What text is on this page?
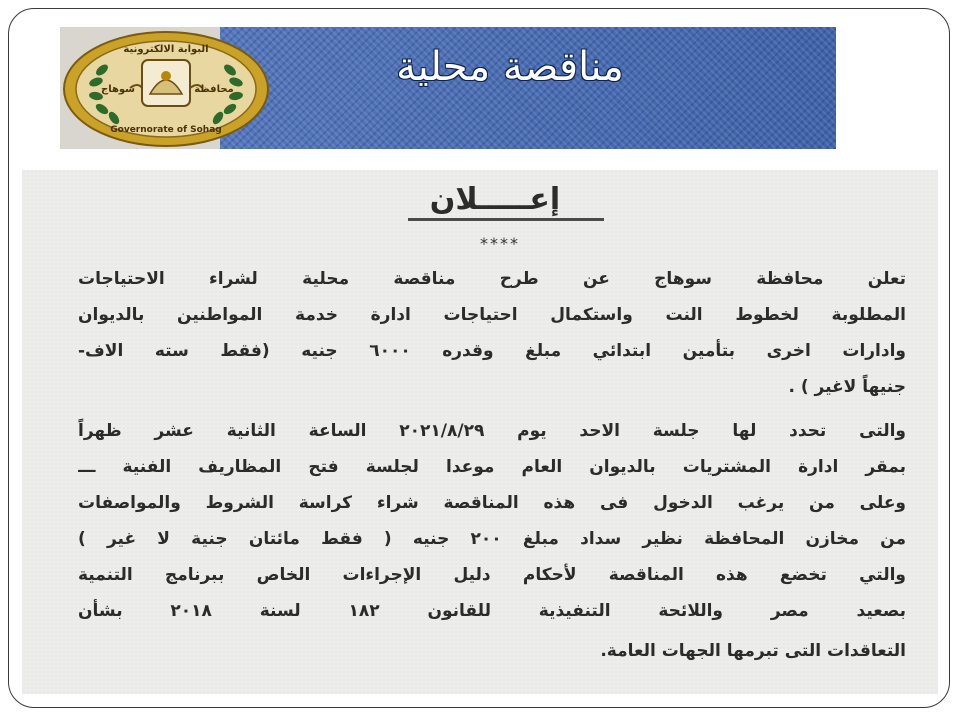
البوابة الالكترونية
محافظة
سوهاج
Governorate of Sohag
مناقصة محلية
إعـــــلان
****
تعلن محافظة سوهاج عن طرح مناقصة محلية لشراء الاحتياجات
المطلوبة لخطوط النت واستكمال احتياجات ادارة خدمة المواطنين بالديوان
وادارات اخرى بتأمين ابتدائي مبلغ وقدره ٦٠٠٠ جنيه (فقط سته الاف-
جنيهاً لاغير ) .
والتى تحدد لها جلسة الاحد يوم ٢٠٢١/٨/٢٩ الساعة الثانية عشر ظهراً
بمقر ادارة المشتريات بالديوان العام موعدا لجلسة فتح المظاريف الفنية ـــ
وعلى من يرغب الدخول فى هذه المناقصة شراء كراسة الشروط والمواصفات
من مخازن المحافظة نظير سداد مبلغ ٢٠٠ جنيه ( فقط مائتان جنية لا غير )
والتي تخضع هذه المناقصة لأحكام دليل الإجراءات الخاص ببرنامج التنمية
بصعيد مصر واللائحة التنفيذية للقانون ١٨٢ لسنة ٢٠١٨ بشأن
التعاقدات التى تبرمها الجهات العامة.
